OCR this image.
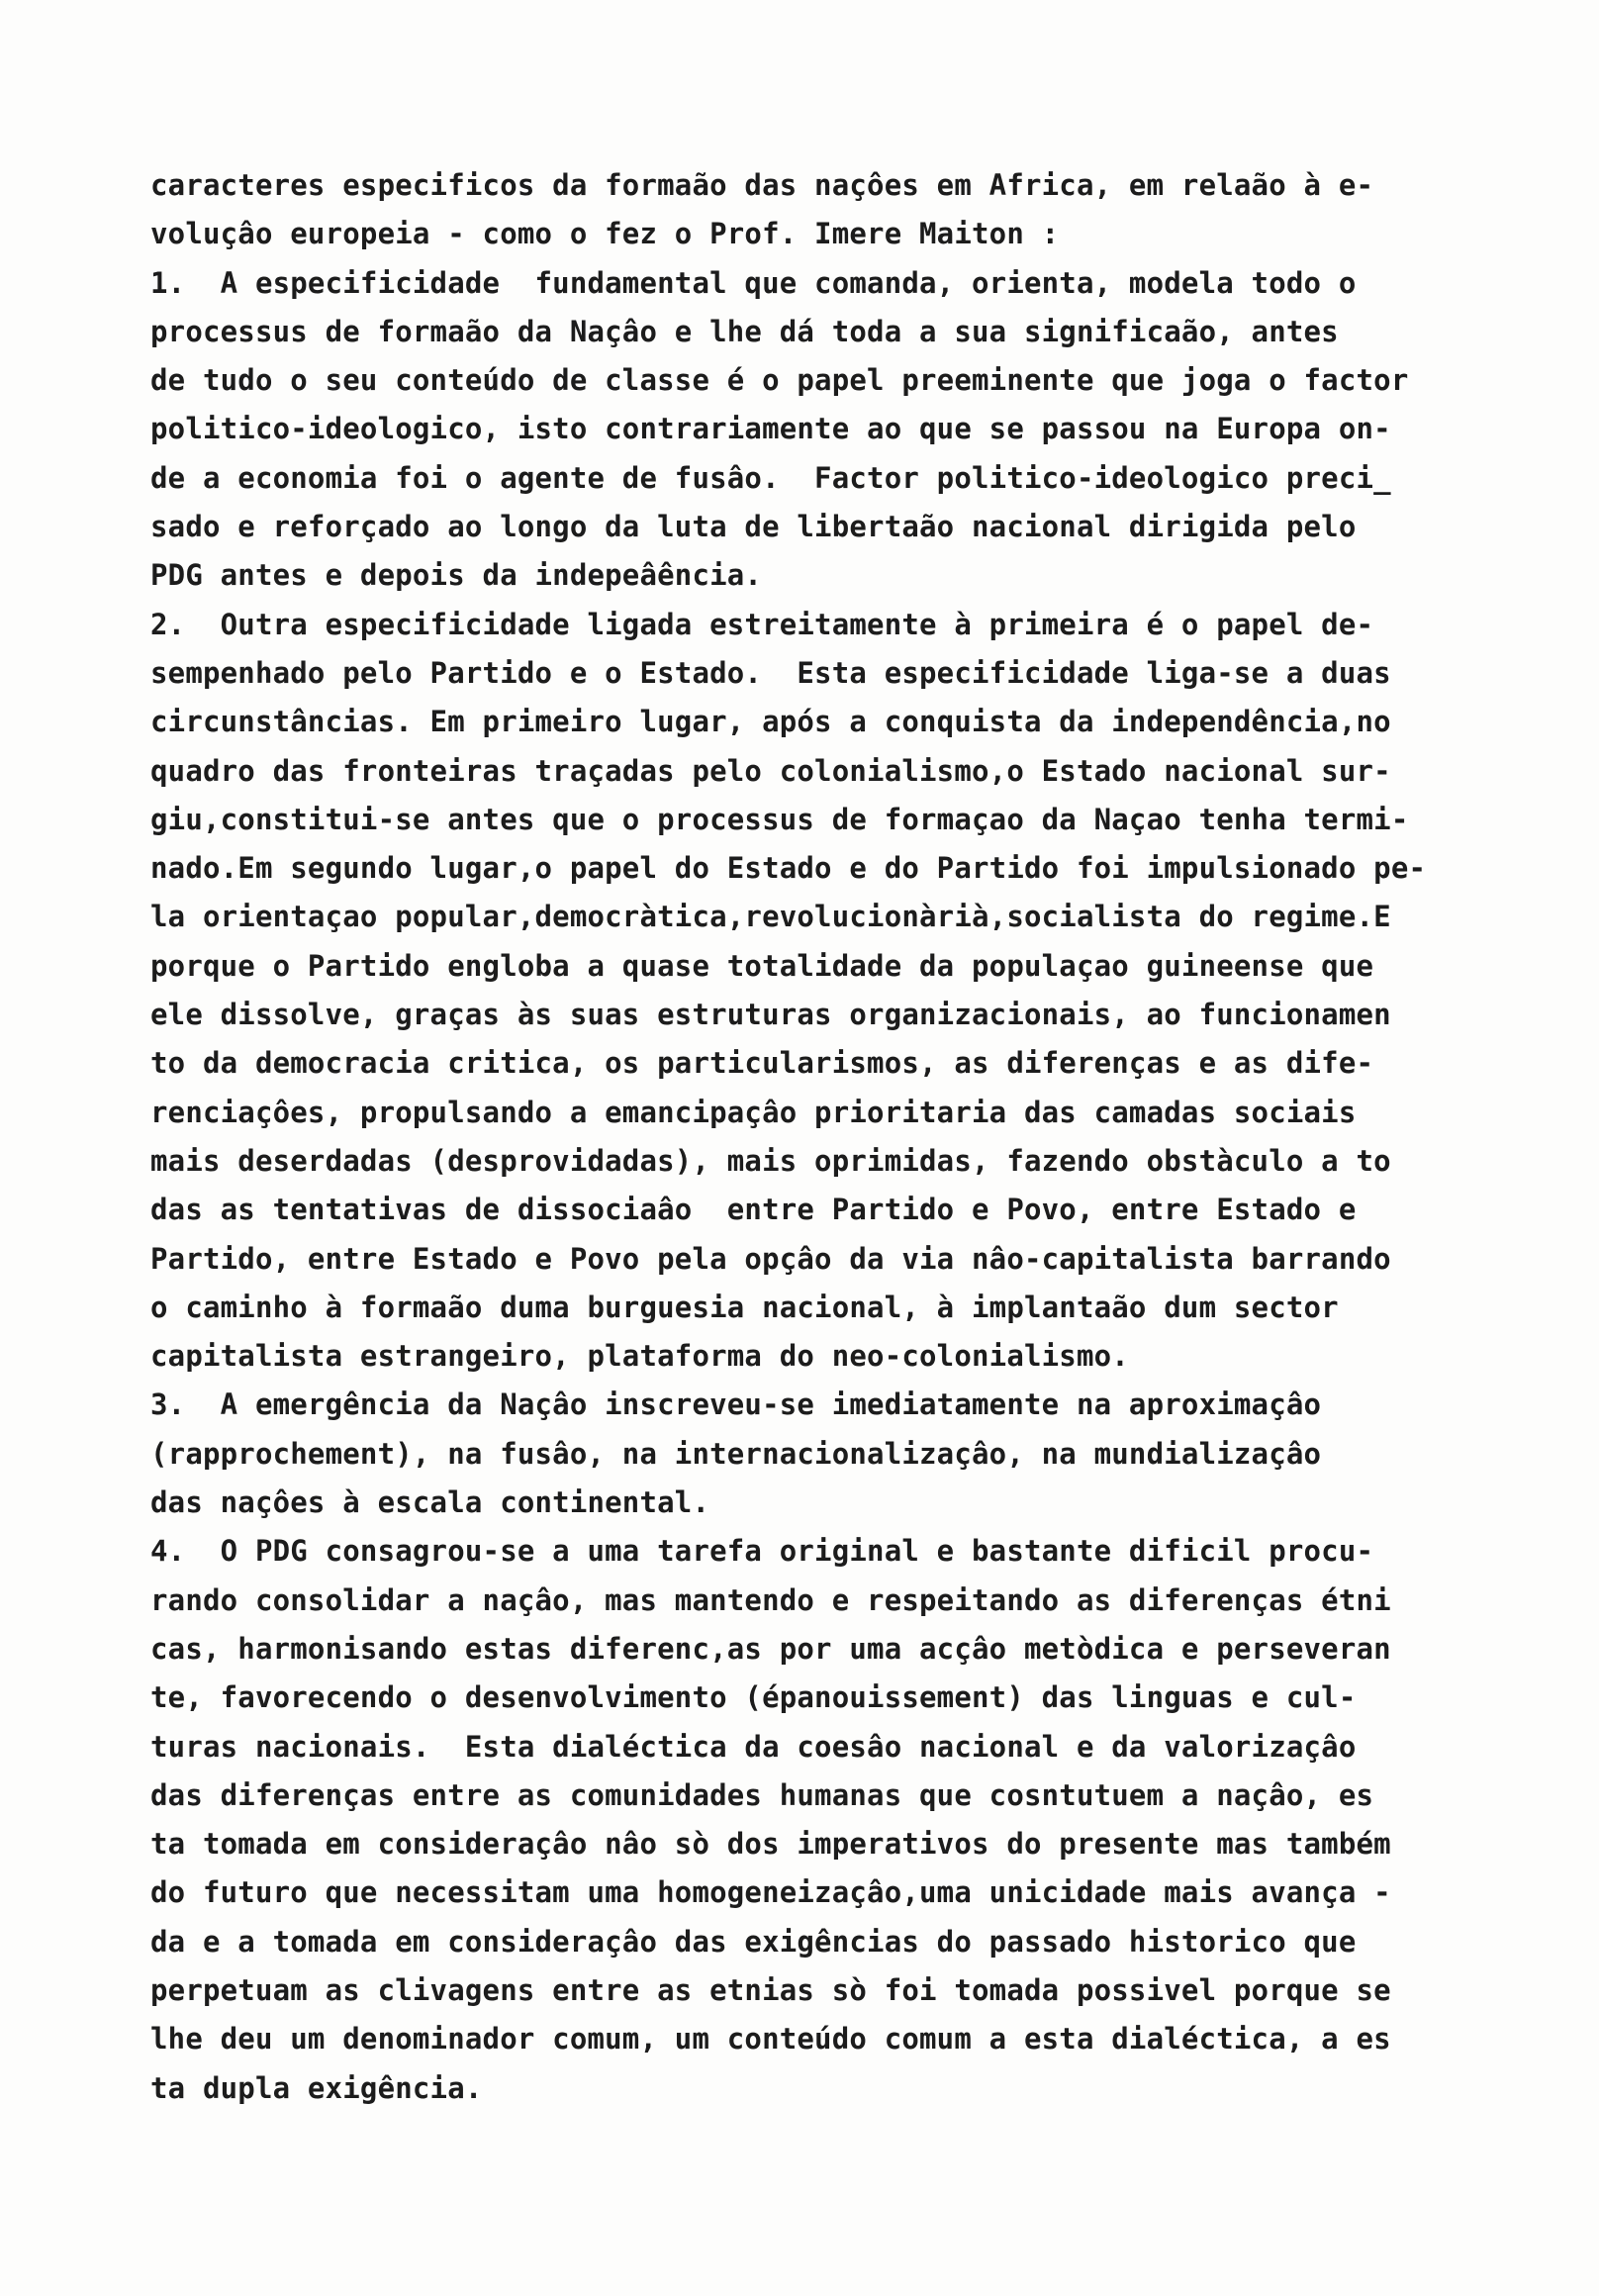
caracteres especificos da formaão das naçôes em Africa, em relaão à e-
voluçâo europeia - como o fez o Prof. Imere Maiton :
1.  A especificidade  fundamental que comanda, orienta, modela todo o
processus de formaão da Naçâo e lhe dá toda a sua significaão, antes
de tudo o seu conteúdo de classe é o papel preeminente que joga o factor
politico-ideologico, isto contrariamente ao que se passou na Europa on-
de a economia foi o agente de fusâo.  Factor politico-ideologico preci_
sado e reforçado ao longo da luta de libertaão nacional dirigida pelo
PDG antes e depois da indepeâência.
2.  Outra especificidade ligada estreitamente à primeira é o papel de-
sempenhado pelo Partido e o Estado.  Esta especificidade liga-se a duas
circunstâncias. Em primeiro lugar, após a conquista da independência,no
quadro das fronteiras traçadas pelo colonialismo,o Estado nacional sur-
giu,constitui-se antes que o processus de formaçao da Naçao tenha termi-
nado.Em segundo lugar,o papel do Estado e do Partido foi impulsionado pe-
la orientaçao popular,democràtica,revolucionàrià,socialista do regime.E
porque o Partido engloba a quase totalidade da populaçao guineense que
ele dissolve, graças às suas estruturas organizacionais, ao funcionamen
to da democracia critica, os particularismos, as diferenças e as dife-
renciaçôes, propulsando a emancipaçâo prioritaria das camadas sociais
mais deserdadas (desprovidadas), mais oprimidas, fazendo obstàculo a to
das as tentativas de dissociaâo  entre Partido e Povo, entre Estado e
Partido, entre Estado e Povo pela opçâo da via nâo-capitalista barrando
o caminho à formaão duma burguesia nacional, à implantaão dum sector
capitalista estrangeiro, plataforma do neo-colonialismo.
3.  A emergência da Naçâo inscreveu-se imediatamente na aproximaçâo
(rapprochement), na fusâo, na internacionalizaçâo, na mundializaçâo
das naçôes à escala continental.
4.  O PDG consagrou-se a uma tarefa original e bastante dificil procu-
rando consolidar a naçâo, mas mantendo e respeitando as diferenças étni
cas, harmonisando estas diferenc,as por uma acçâo metòdica e perseveran
te, favorecendo o desenvolvimento (épanouissement) das linguas e cul-
turas nacionais.  Esta dialéctica da coesâo nacional e da valorizaçâo
das diferenças entre as comunidades humanas que cosntutuem a naçâo, es
ta tomada em consideraçâo nâo sò dos imperativos do presente mas também
do futuro que necessitam uma homogeneizaçâo,uma unicidade mais avança -
da e a tomada em consideraçâo das exigências do passado historico que
perpetuam as clivagens entre as etnias sò foi tomada possivel porque se
lhe deu um denominador comum, um conteúdo comum a esta dialéctica, a es
ta dupla exigência.
